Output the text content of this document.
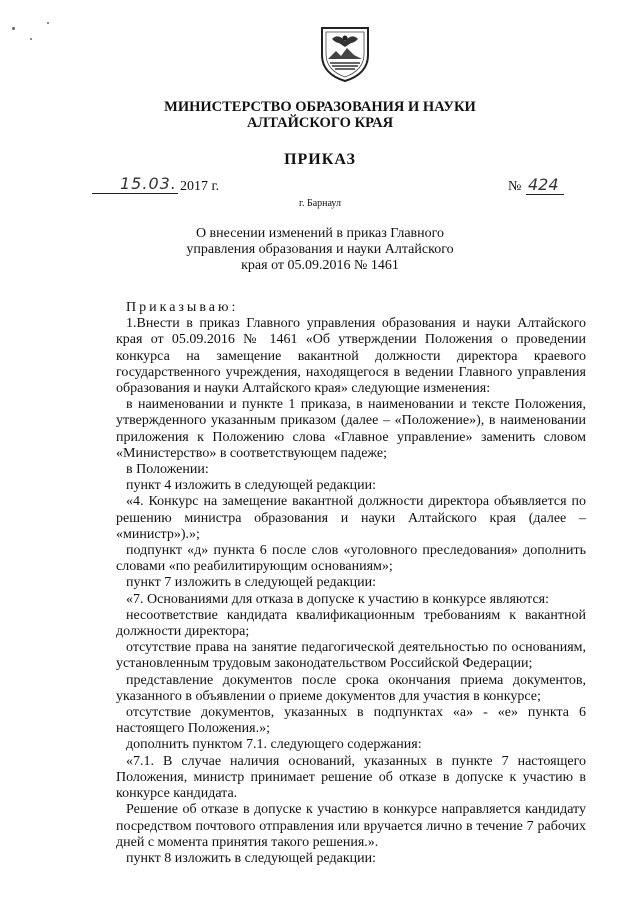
МИНИСТЕРСТВО ОБРАЗОВАНИЯ И НАУКИ
АЛТАЙСКОГО КРАЯ
ПРИКАЗ
15.03. 2017 г.	№ 424
г. Барнаул
О внесении изменений в приказ Главного
управления образования и науки Алтайского
края от 05.09.2016 № 1461

Приказываю:

1.Внести в приказ Главного управления образования и науки Алтайского края от 05.09.2016 № 1461 «Об утверждении Положения о проведении конкурса на замещение вакантной должности директора краевого государственного учреждения, находящегося в ведении Главного управления образования и науки Алтайского края» следующие изменения:

в наименовании и пункте 1 приказа, в наименовании и тексте Положения, утвержденного указанным приказом (далее – «Положение»), в наименовании приложения к Положению слова «Главное управление» заменить словом «Министерство» в соответствующем падеже;

в Положении:

пункт 4 изложить в следующей редакции:

«4. Конкурс на замещение вакантной должности директора объявляется по решению министра образования и науки Алтайского края (далее – «министр»).»;

подпункт «д» пункта 6 после слов «уголовного преследования» дополнить словами «по реабилитирующим основаниям»;

пункт 7 изложить в следующей редакции:

«7. Основаниями для отказа в допуске к участию в конкурсе являются:

несоответствие кандидата квалификационным требованиям к вакантной должности директора;

отсутствие права на занятие педагогической деятельностью по основаниям, установленным трудовым законодательством Российской Федерации;

представление документов после срока окончания приема документов, указанного в объявлении о приеме документов для участия в конкурсе;

отсутствие документов, указанных в подпунктах «а» - «е» пункта 6 настоящего Положения.»;

дополнить пунктом 7.1. следующего содержания:

«7.1. В случае наличия оснований, указанных в пункте 7 настоящего Положения, министр принимает решение об отказе в допуске к участию в конкурсе кандидата.

Решение об отказе в допуске к участию в конкурсе направляется кандидату посредством почтового отправления или вручается лично в течение 7 рабочих дней с момента принятия такого решения.».

пункт 8 изложить в следующей редакции:
